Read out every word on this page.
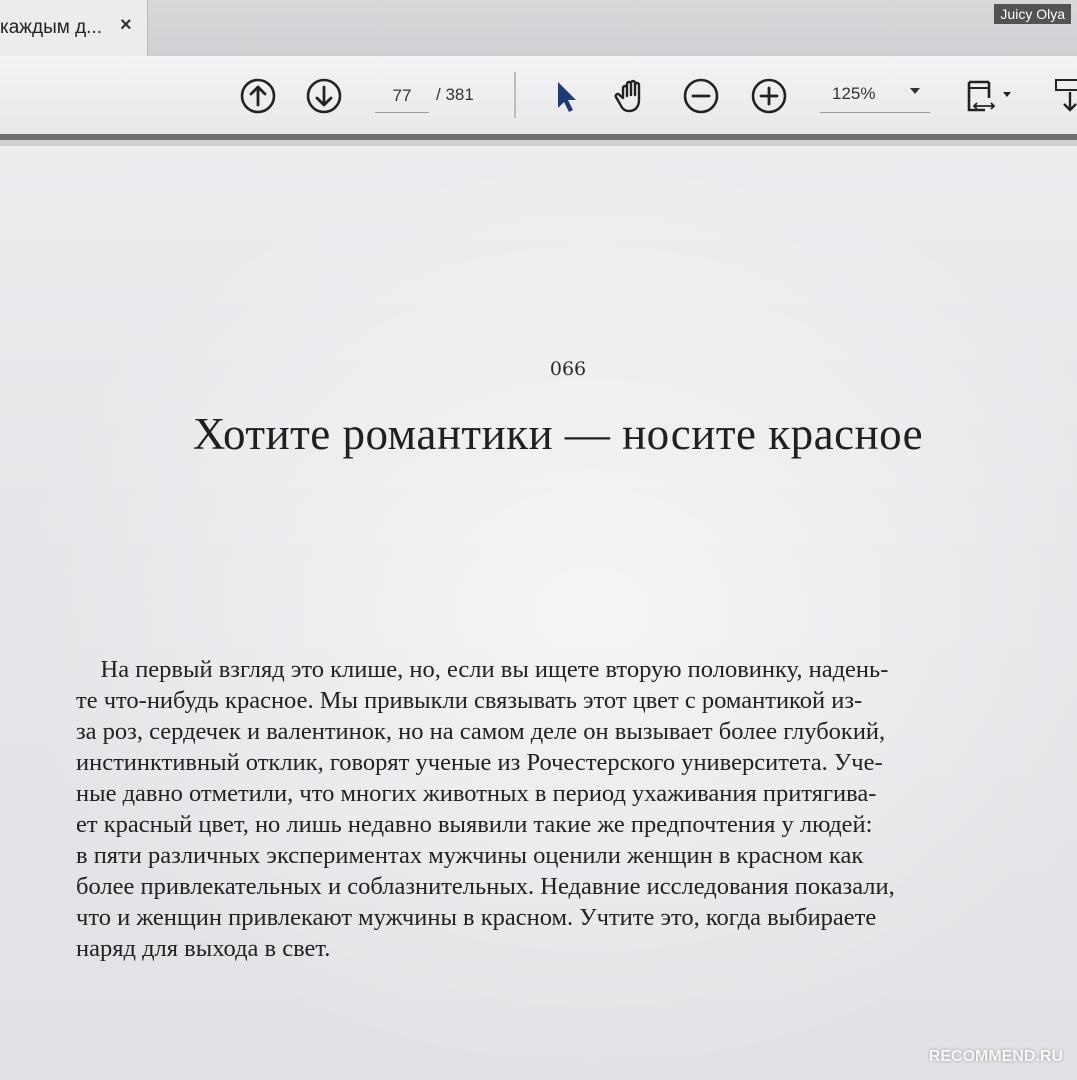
каждым д... ×	Juicy Olya
77
/ 381	125%
066
Хотите романтики — носите красное
На первый взгляд это клише, но, если вы ищете вторую половинку, надень-
те что-нибудь красное. Мы привыкли связывать этот цвет с романтикой из-
за роз, сердечек и валентинок, но на самом деле он вызывает более глубокий,
инстинктивный отклик, говорят ученые из Рочестерского университета. Уче-
ные давно отметили, что многих животных в период ухаживания притягива-
ет красный цвет, но лишь недавно выявили такие же предпочтения у людей:
в пяти различных экспериментах мужчины оценили женщин в красном как
более привлекательных и соблазнительных. Недавние исследования показали,
что и женщин привлекают мужчины в красном. Учтите это, когда выбираете
наряд для выхода в свет.
RECOMMEND.RU
